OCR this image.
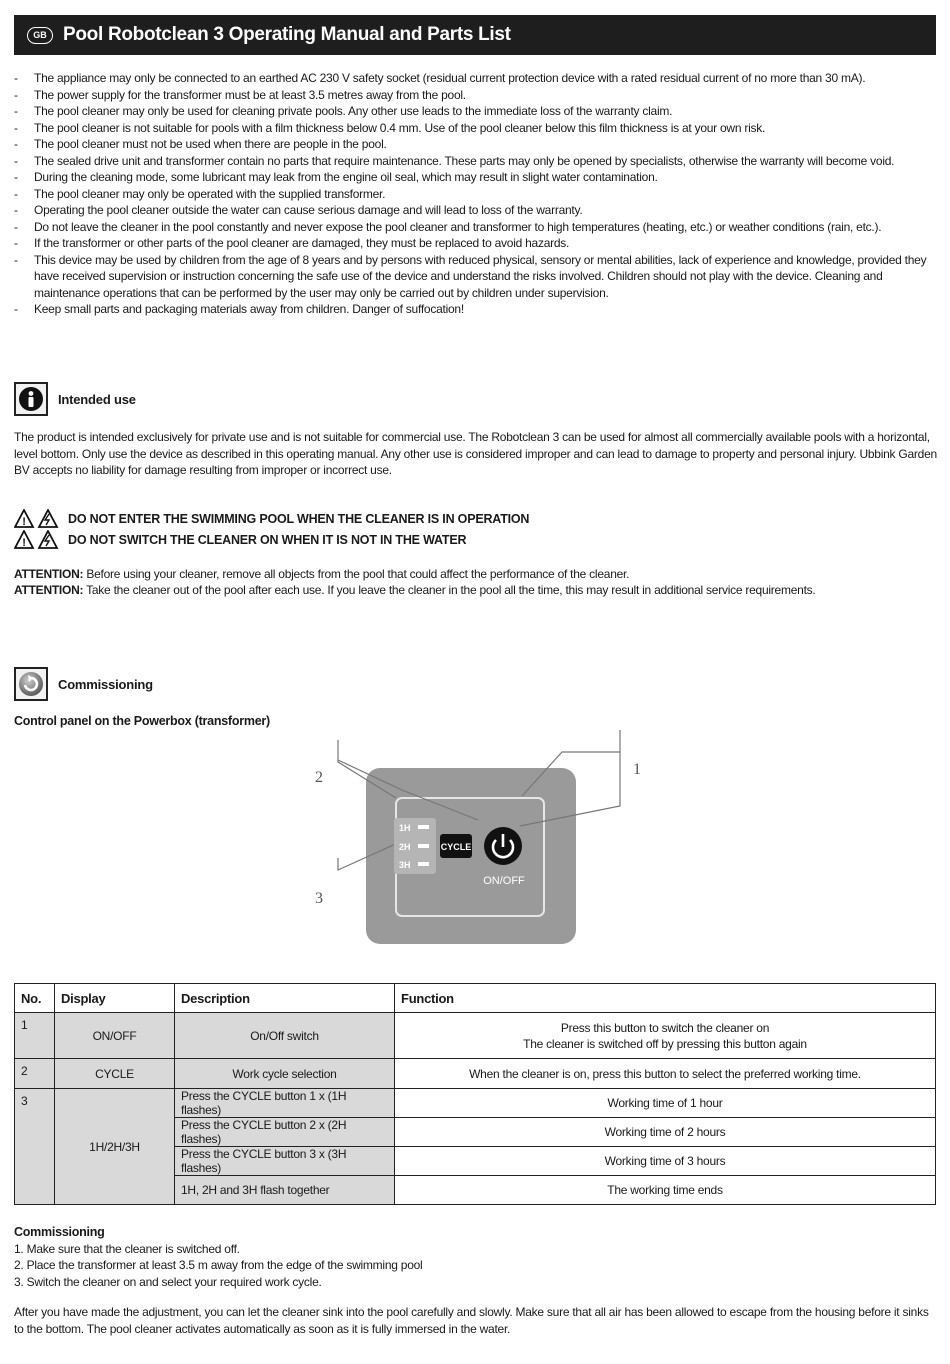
GB Pool Robotclean 3 Operating Manual and Parts List
-	The appliance may only be connected to an earthed AC 230 V safety socket (residual current protection device with a rated residual current of no more than 30 mA).
-	The power supply for the transformer must be at least 3.5 metres away from the pool.
-	The pool cleaner may only be used for cleaning private pools. Any other use leads to the immediate loss of the warranty claim.
-	The pool cleaner is not suitable for pools with a film thickness below 0.4 mm. Use of the pool cleaner below this film thickness is at your own risk.
-	The pool cleaner must not be used when there are people in the pool.
-	The sealed drive unit and transformer contain no parts that require maintenance. These parts may only be opened by specialists, otherwise the warranty will become void.
-	During the cleaning mode, some lubricant may leak from the engine oil seal, which may result in slight water contamination.
-	The pool cleaner may only be operated with the supplied transformer.
-	Operating the pool cleaner outside the water can cause serious damage and will lead to loss of the warranty.
-	Do not leave the cleaner in the pool constantly and never expose the pool cleaner and transformer to high temperatures (heating, etc.) or weather conditions (rain, etc.).
-	If the transformer or other parts of the pool cleaner are damaged, they must be replaced to avoid hazards.
-	This device may be used by children from the age of 8 years and by persons with reduced physical, sensory or mental abilities, lack of experience and knowledge, provided they have received supervision or instruction concerning the safe use of the device and understand the risks involved. Children should not play with the device. Cleaning and maintenance operations that can be performed by the user may only be carried out by children under supervision.
-	Keep small parts and packaging materials away from children. Danger of suffocation!
Intended use
The product is intended exclusively for private use and is not suitable for commercial use. The Robotclean 3 can be used for almost all commercially available pools with a horizontal, level bottom. Only use the device as described in this operating manual. Any other use is considered improper and can lead to damage to property and personal injury. Ubbink Garden BV accepts no liability for damage resulting from improper or incorrect use.
!	DO NOT ENTER THE SWIMMING POOL WHEN THE CLEANER IS IN OPERATION
!	DO NOT SWITCH THE CLEANER ON WHEN IT IS NOT IN THE WATER
ATTENTION: Before using your cleaner, remove all objects from the pool that could affect the performance of the cleaner.
ATTENTION: Take the cleaner out of the pool after each use. If you leave the cleaner in the pool all the time, this may result in additional service requirements.
Commissioning
Control panel on the Powerbox (transformer)
1
2
3
1H
2H
3H
CYCLE
ON/OFF
No.	Display	Description	Function
1	ON/OFF	On/Off switch	Press this button to switch the cleaner on
The cleaner is switched off by pressing this button again

2	CYCLE	Work cycle selection	When the cleaner is on, press this button to select the preferred working time.
3	1H/2H/3H	Press the CYCLE button 1 x (1H flashes)	Working time of 1 hour
		Press the CYCLE button 2 x (2H flashes)	Working time of 2 hours
		Press the CYCLE button 3 x (3H flashes)	Working time of 3 hours
		1H, 2H and 3H flash together	The working time ends
Commissioning
1. Make sure that the cleaner is switched off.
2. Place the transformer at least 3.5 m away from the edge of the swimming pool
3. Switch the cleaner on and select your required work cycle.
After you have made the adjustment, you can let the cleaner sink into the pool carefully and slowly. Make sure that all air has been allowed to escape from the housing before it sinks to the bottom. The pool cleaner activates automatically as soon as it is fully immersed in the water.
